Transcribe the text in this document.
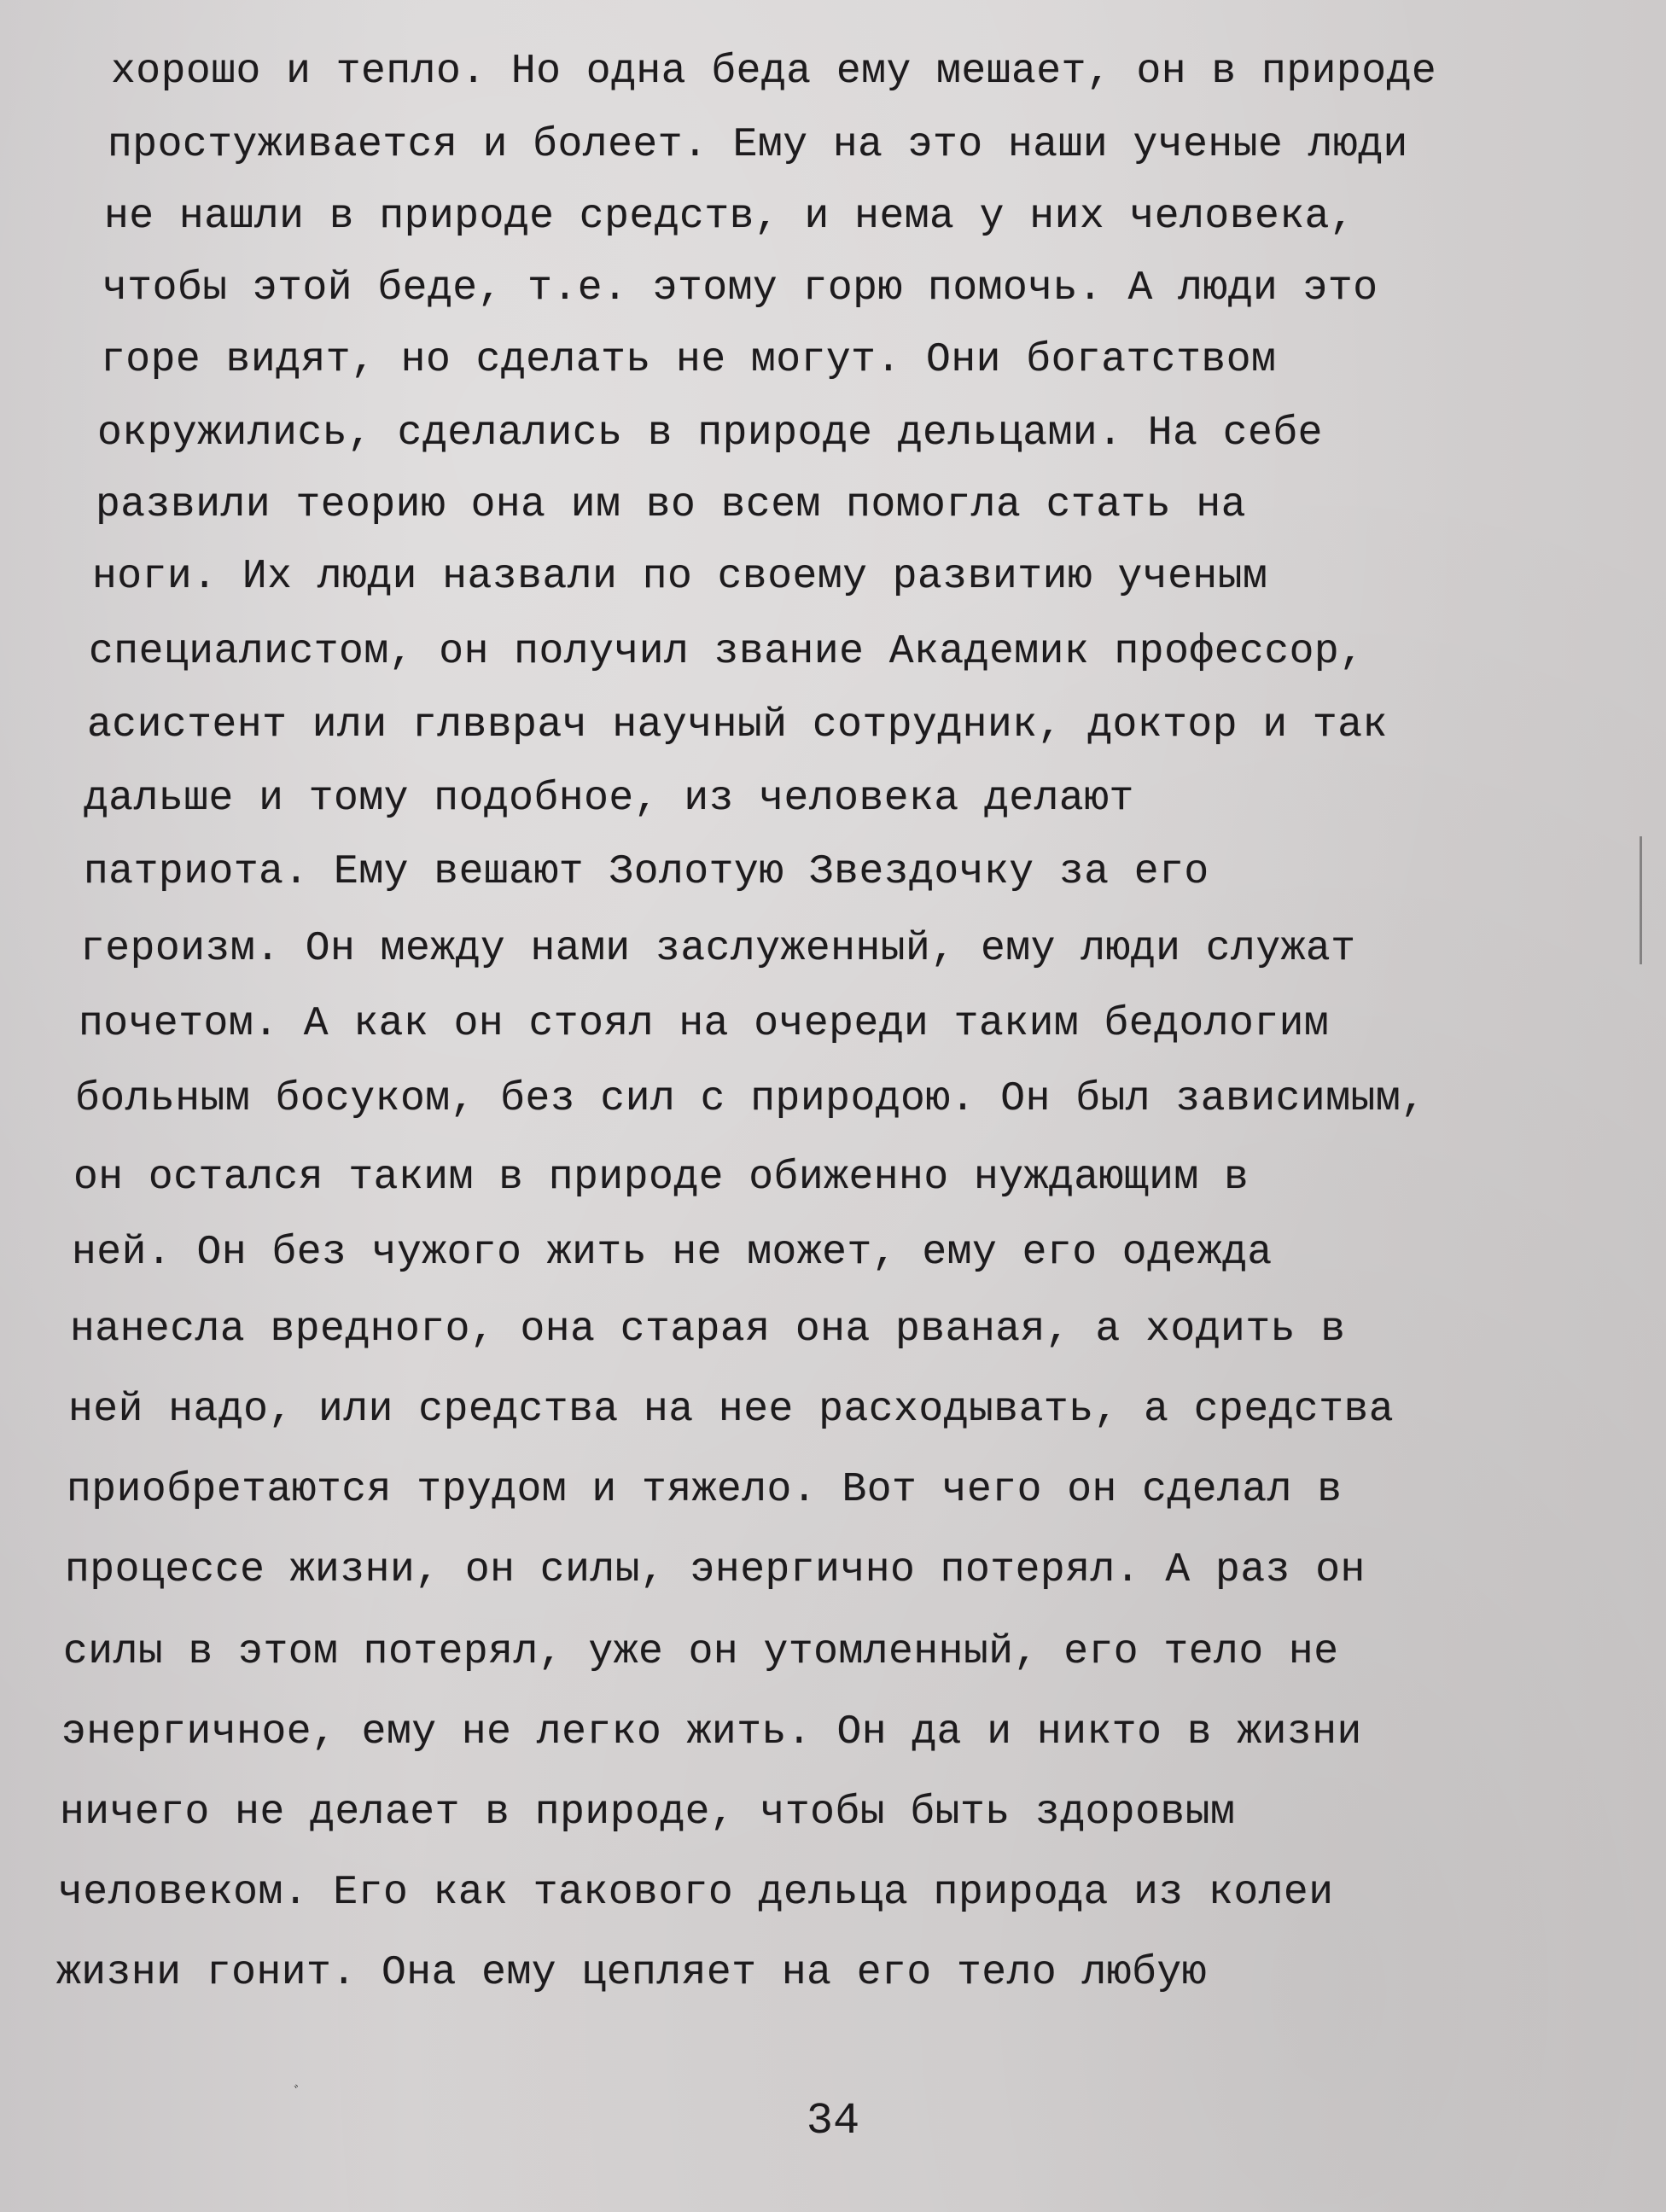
хорошо и тепло. Но одна беда ему мешает, он в природе
простуживается и болеет. Ему на это наши ученые люди
не нашли в природе средств, и нема у них человека,
чтобы этой беде, т.е. этому горю помочь. А люди это
горе видят, но сделать не могут. Они богатством
окружились, сделались в природе дельцами. На себе
развили теорию она им во всем помогла стать на
ноги. Их люди назвали по своему развитию ученым
специалистом, он получил звание Академик профессор,
асистент или глвврач научный сотрудник, доктор и так
дальше и тому подобное, из человека делают
патриота. Ему вешают Золотую Звездочку за его
героизм. Он между нами заслуженный, ему люди служат
почетом. А как он стоял на очереди таким бедологим
больным босуком, без сил с природою. Он был зависимым,
он остался таким в природе обиженно нуждающим в
ней. Он без чужого жить не может, ему его одежда
нанесла вредного, она старая она рваная, а ходить в
ней надо, или средства на нее расходывать, а средства
приобретаются трудом и тяжело. Вот чего он сделал в
процессе жизни, он силы, энергично потерял. А раз он
силы в этом потерял, уже он утомленный, его тело не
энергичное, ему не легко жить. Он да и никто в жизни
ничего не делает в природе, чтобы быть здоровым
человеком. Его как такового дельца природа из колеи
жизни гонит. Она ему цепляет на его тело любую
ﾞ
34
